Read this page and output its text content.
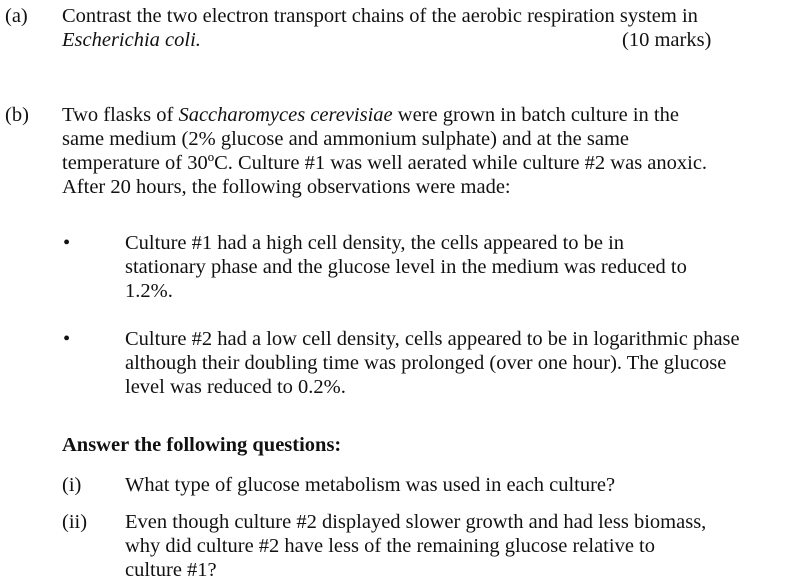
(a) Contrast the two electron transport chains of the aerobic respiration system in
Escherichia coli.	(10 marks)
(b) Two flasks of Saccharomyces cerevisiae were grown in batch culture in the
same medium (2% glucose and ammonium sulphate) and at the same
temperature of 30ºC. Culture #1 was well aerated while culture #2 was anoxic.
After 20 hours, the following observations were made:
•	Culture #1 had a high cell density, the cells appeared to be in
stationary phase and the glucose level in the medium was reduced to
1.2%.
•	Culture #2 had a low cell density, cells appeared to be in logarithmic phase
although their doubling time was prolonged (over one hour). The glucose
level was reduced to 0.2%.
Answer the following questions:
(i) What type of glucose metabolism was used in each culture?
(ii) Even though culture #2 displayed slower growth and had less biomass,
why did culture #2 have less of the remaining glucose relative to
culture #1?
